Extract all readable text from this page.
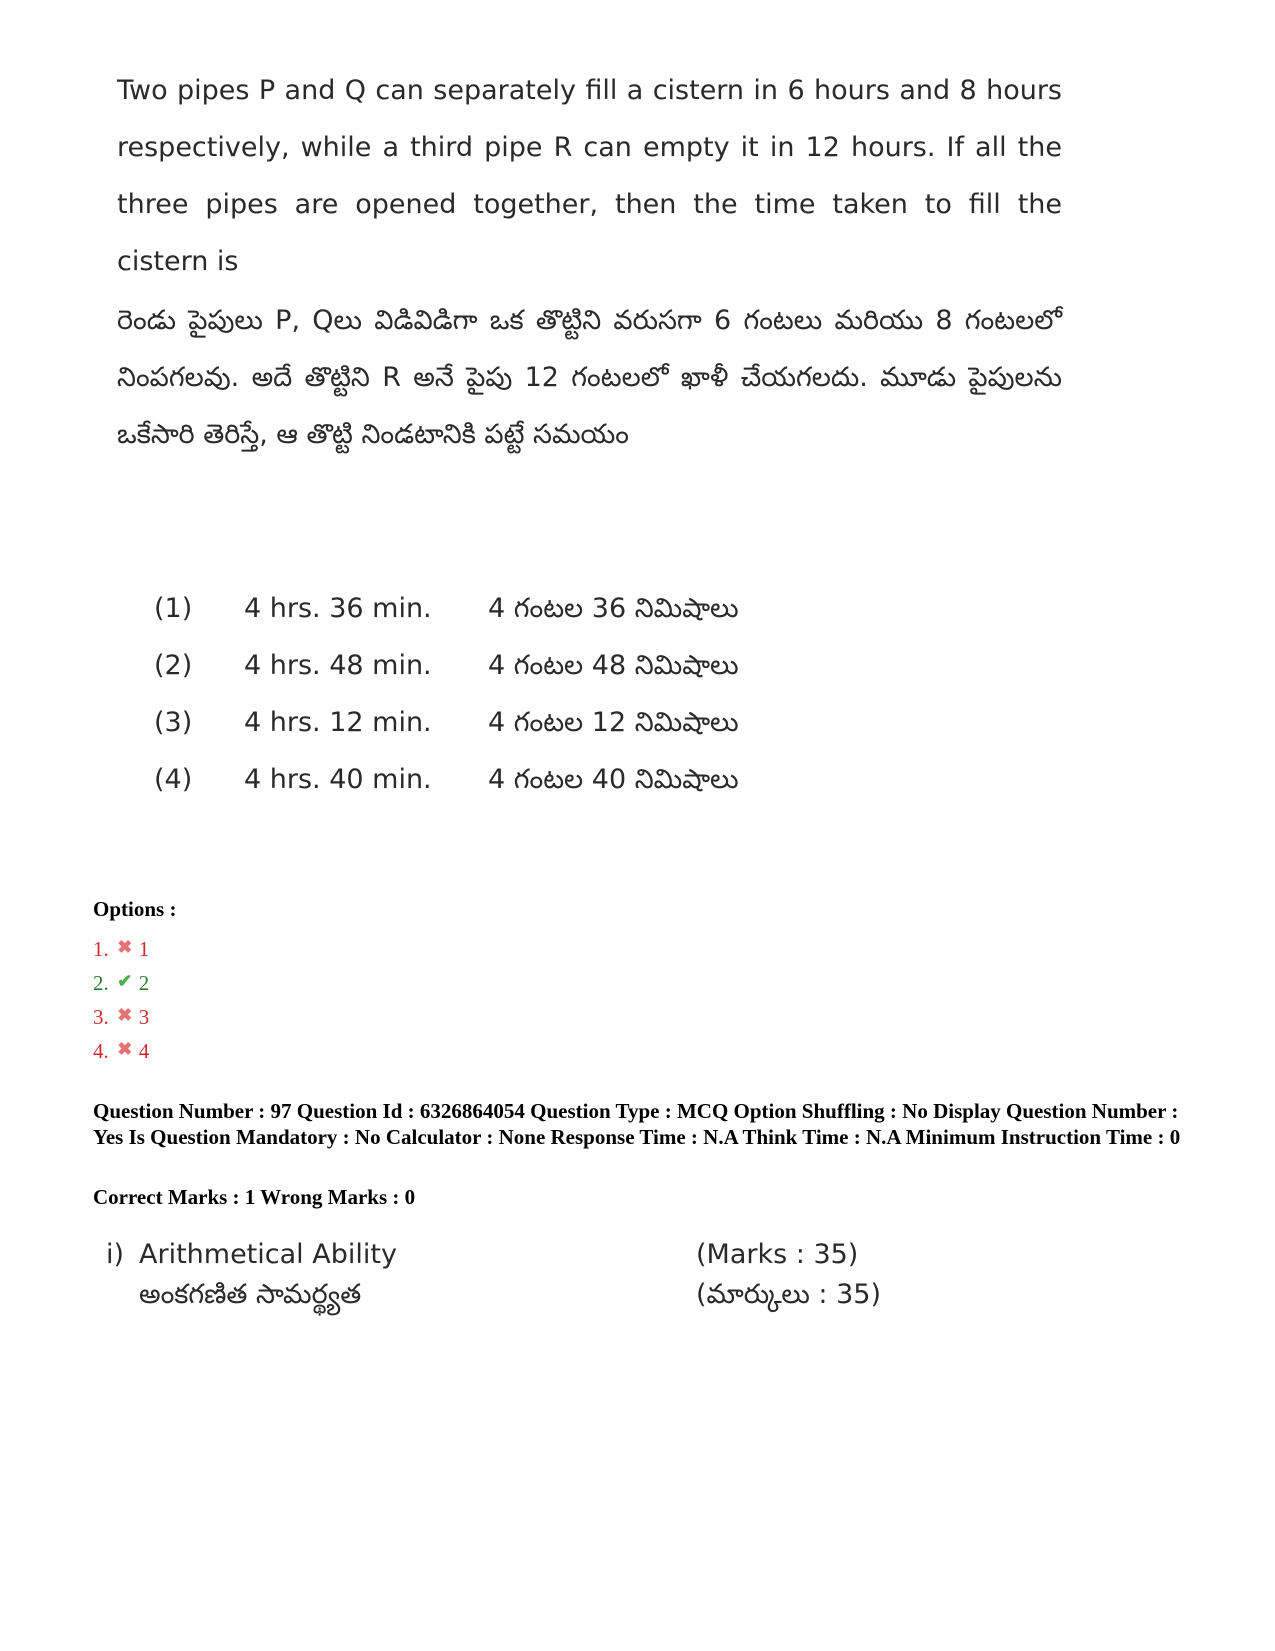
Two pipes P and Q can separately fill a cistern in 6 hours and 8 hours respectively, while a third pipe R can empty it in 12 hours. If all the three pipes are opened together, then the time taken to fill the cistern is
రెండు పైపులు P, Qలు విడివిడిగా ఒక తొట్టిని వరుసగా 6 గంటలు మరియు 8 గంటలలో నింపగలవు. అదే తొట్టిని R అనే పైపు 12 గంటలలో ఖాళీ చేయగలదు. మూడు పైపులను ఒకేసారి తెరిస్తే, ఆ తొట్టి నిండటానికి పట్టే సమయం
(1) 4 hrs. 36 min. 4 గంటల 36 నిమిషాలు
(2) 4 hrs. 48 min. 4 గంటల 48 నిమిషాలు
(3) 4 hrs. 12 min. 4 గంటల 12 నిమిషాలు
(4) 4 hrs. 40 min. 4 గంటల 40 నిమిషాలు
Options :
1. ✖ 1
2. ✔ 2
3. ✖ 3
4. ✖ 4
Question Number : 97 Question Id : 6326864054 Question Type : MCQ Option Shuffling : No Display Question Number : Yes Is Question Mandatory : No Calculator : None Response Time : N.A Think Time : N.A Minimum Instruction Time : 0
Correct Marks : 1 Wrong Marks : 0
i) Arithmetical Ability	(Marks : 35)
అంకగణిత సామర్థ్యత	(మార్కులు : 35)
